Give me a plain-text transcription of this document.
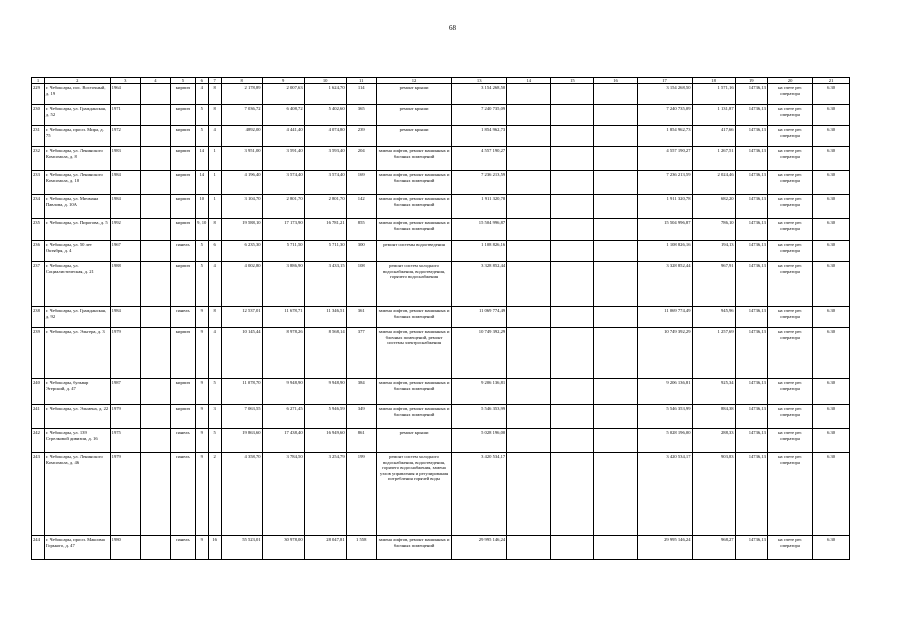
68
1	2	3	4	5	6	7	8	9	10	11	12	13	14	15	16	17	18	19	20	21
229	г. Чебоксары, пос. Восточный, д. 19	1964		кирпич	4	8	2 178,89	2 007,63	1 624,70	114	ремонт крыши	3 154 268,50				3 154 268,50	1 571,16	14736,13	на счете рег. оператора	6.30
230	г. Чебоксары, ул. Гражданская, д. 52	1971		кирпич	5	8	7 036,72	6 408,72	5 402,60	365	ремонт крыши	7 240 735,09				7 240 735,09	1 131,87	14736,13	на счете рег. оператора	6.30
231	г. Чебоксары, просп. Мира, д. 75	1972		кирпич	5	4	4892,00	4 441,40	4 074,80	239	ремонт крыши	1 854 962,73				1 854 962,73	417,66	14736,13	на счете рег. оператора	6.30
232	г. Чебоксары, ул. Ленинского Комсомола, д. 8	1983		кирпич	14	1	3 951,00	3 591,40	3 593,40	204	замена лифтов, ремонт машинных и блочных помещений	4 557 190,27				4 557 190,27	1 267,51	14736,13	на счете рег. оператора	6.30
233	г. Чебоксары, ул. Ленинского Комсомола, д. 10	1984		кирпич	14	1	4 196,40	3 574,40	3 574,40	169	замена лифтов, ремонт машинных и блочных помещений	7 236 213,59				7 236 213,59	2 024,46	14736,13	на счете рег. оператора	6.30
234	г. Чебоксары, ул. Мичмана Павлова, д. 10А	1984		кирпич	10	1	3 104,70	2 801,70	2 801,70	142	замена лифтов, ремонт машинных и блочных помещений	1 911 320,78				1 911 320,78	682,20	14736,13	на счете рег. оператора	6.30
235	г. Чебоксары, ул. Пирогова, д. 5	1992		кирпич	9, 10	8	19 588,10	17 173,90	16 781,21	855	замена лифтов, ремонт машинных и блочных помещений	15 504 996,87				15 504 996,87	786,10	14736,13	на счете рег. оператора	6.30
236	г. Чебоксары, ул. 50 лет Октября, д. 4	1967		панель	5	6	6 235,30	5 711,50	5 711,30	300	ремонт системы водоотведения	1 108 826,16				1 108 826,16	194,13	14736,13	на счете рег. оператора	6.30
237	г. Чебоксары, ул. Социалистическая, д. 21	1988		кирпич	5	4	4 002,80	3 886,90	3 433,15	108	ремонт систем холодного водоснабжения, водоотведения, горячего водоснабжения	3 328 852,44				3 328 852,44	967,91	14736,13	на счете рег. оператора	6.30
238	г. Чебоксары, ул. Гражданская, д. 92	1984		панель	9	8	12 537,01	11 678,71	11 346,51	361	замена лифтов, ремонт машинных и блочных помещений	11 069 774,49				11 069 774,49	945,96	14736,13	на счете рег. оператора	6.30
239	г. Чебоксары, ул. Эльгера, д. 3	1979		кирпич	9	4	10 145,44	8 978,26	8 568,14	377	замена лифтов, ремонт машинных и блочных помещений, ремонт системы электроснабжения	10 749 392,29				10 749 392,29	1 257,69	14736,13	на счете рег. оператора	6.30
240	г. Чебоксары, бульвар Эгерский, д. 47	1987		кирпич	9	5	11 078,70	9 948,90	9 948,90	384	замена лифтов, ремонт машинных и блочных помещений	9 206 136,81				9 206 136,81	925,34	14736,13	на счете рег. оператора	6.30
241	г. Чебоксары, ул. Эльмена, д. 22	1979		кирпич	9	3	7 063,55	6 271,45	5 946,59	349	замена лифтов, ремонт машинных и блочных помещений	5 546 353,99				5 546 353,99	884,38	14736,13	на счете рег. оператора	6.30
242	г. Чебоксары, ул. 139 Стрелковой дивизии, д. 16	1975		панель	9	5	19 863,60	17 438,40	16 949,60	861	ремонт крыши	5 028 196,00				5 028 196,00	288,33	14736,13	на счете рег. оператора	6.30
243	г. Чебоксары, ул. Ленинского Комсомола, д. 46	1979		панель	9	2	4 358,70	3 784,50	3 254,79	199	ремонт систем холодного водоснабжения, водоотведения, горячего водоснабжения, замена узлов управления и регулирования потребления горячей воды	3 420 534,17				3 420 534,17	903,83	14736,13	на счете рег. оператора	6.30
244	г. Чебоксары, просп. Максима Горького, д. 47	1980		панель	9	16	55 523,01	30 978,00	28 047,81	1 558	замена лифтов, ремонт машинных и блочных помещений	29 995 146,24				29 995 146,24	968,27	14736,13	на счете рег. оператора	6.30
